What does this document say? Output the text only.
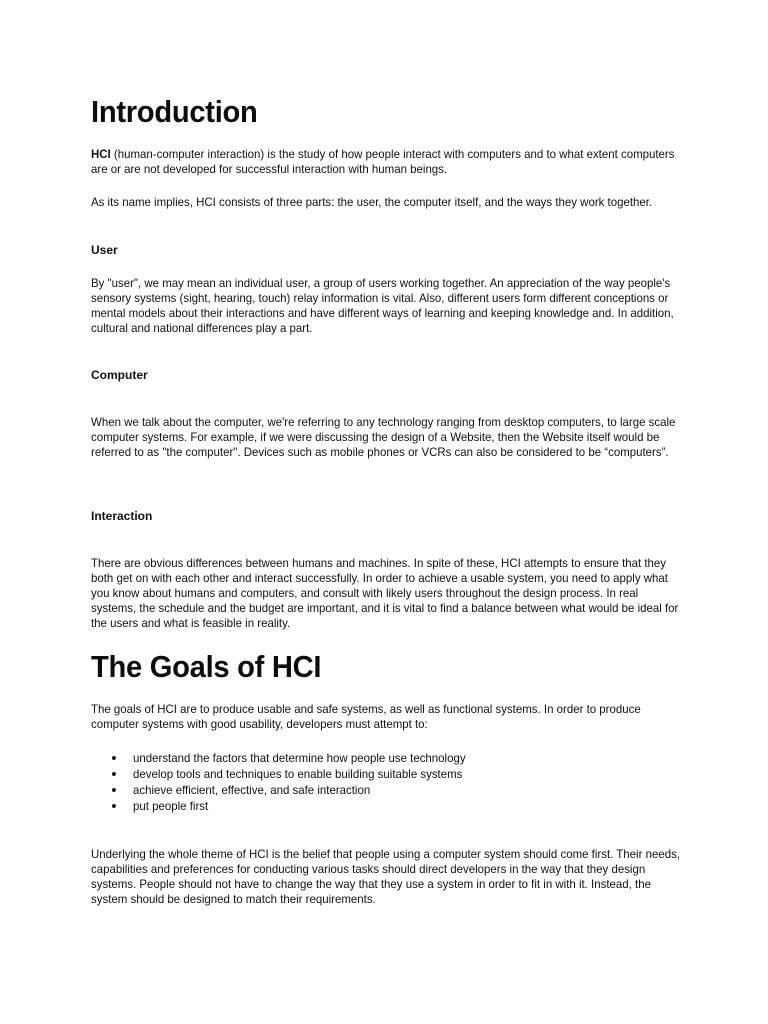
Introduction

HCI (human-computer interaction) is the study of how people interact with computers and to what extent computers are or are not developed for successful interaction with human beings.

As its name implies, HCI consists of three parts: the user, the computer itself, and the ways they work together.

User

By "user", we may mean an individual user, a group of users working together. An appreciation of the way people's sensory systems (sight, hearing, touch) relay information is vital. Also, different users form different conceptions or mental models about their interactions and have different ways of learning and keeping knowledge and. In addition, cultural and national differences play a part.

Computer

When we talk about the computer, we're referring to any technology ranging from desktop computers, to large scale computer systems. For example, if we were discussing the design of a Website, then the Website itself would be referred to as "the computer". Devices such as mobile phones or VCRs can also be considered to be “computers”.

Interaction

There are obvious differences between humans and machines. In spite of these, HCI attempts to ensure that they both get on with each other and interact successfully. In order to achieve a usable system, you need to apply what you know about humans and computers, and consult with likely users throughout the design process. In real systems, the schedule and the budget are important, and it is vital to find a balance between what would be ideal for the users and what is feasible in reality.

The Goals of HCI

The goals of HCI are to produce usable and safe systems, as well as functional systems. In order to produce computer systems with good usability, developers must attempt to:

understand the factors that determine how people use technology
develop tools and techniques to enable building suitable systems
achieve efficient, effective, and safe interaction
put people first

Underlying the whole theme of HCI is the belief that people using a computer system should come first. Their needs, capabilities and preferences for conducting various tasks should direct developers in the way that they design systems. People should not have to change the way that they use a system in order to fit in with it. Instead, the system should be designed to match their requirements.
